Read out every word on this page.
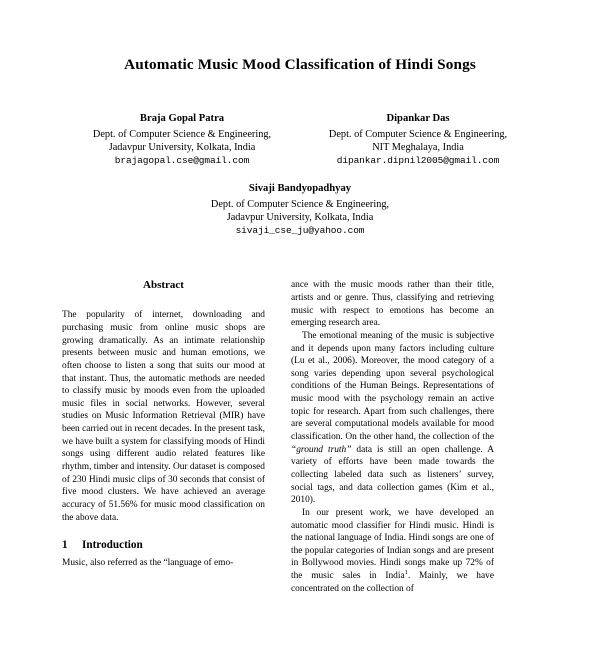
Automatic Music Mood Classification of Hindi Songs
Braja Gopal Patra
Dept. of Computer Science & Engineering,
Jadavpur University, Kolkata, India
brajagopal.cse@gmail.com
Dipankar Das
Dept. of Computer Science & Engineering,
NIT Meghalaya, India
dipankar.dipnil2005@gmail.com
Sivaji Bandyopadhyay
Dept. of Computer Science & Engineering,
Jadavpur University, Kolkata, India
sivaji_cse_ju@yahoo.com
Abstract

The popularity of internet, downloading and purchasing music from online music shops are growing dramatically. As an intimate relationship presents between music and human emotions, we often choose to listen a song that suits our mood at that instant. Thus, the automatic methods are needed to classify music by moods even from the uploaded music files in social networks. However, several studies on Music Information Retrieval (MIR) have been carried out in recent decades. In the present task, we have built a system for classifying moods of Hindi songs using different audio related features like rhythm, timber and intensity. Our dataset is composed of 230 Hindi music clips of 30 seconds that consist of five mood clusters. We have achieved an average accuracy of 51.56% for music mood classification on the above data.

1	Introduction

Music, also referred as the “language of emo-

ance with the music moods rather than their title, artists and or genre. Thus, classifying and retrieving music with respect to emotions has become an emerging research area.

The emotional meaning of the music is subjective and it depends upon many factors including culture (Lu et al., 2006). Moreover, the mood category of a song varies depending upon several psychological conditions of the Human Beings. Representations of music mood with the psychology remain an active topic for research. Apart from such challenges, there are several computational models available for mood classification. On the other hand, the collection of the “ground truth” data is still an open challenge. A variety of efforts have been made towards the collecting labeled data such as listeners’ survey, social tags, and data collection games (Kim et al., 2010).

In our present work, we have developed an automatic mood classifier for Hindi music. Hindi is the national language of India. Hindi songs are one of the popular categories of Indian songs and are present in Bollywood movies. Hindi songs make up 72% of the music sales in India$^1$. Mainly, we have concentrated on the collection of
